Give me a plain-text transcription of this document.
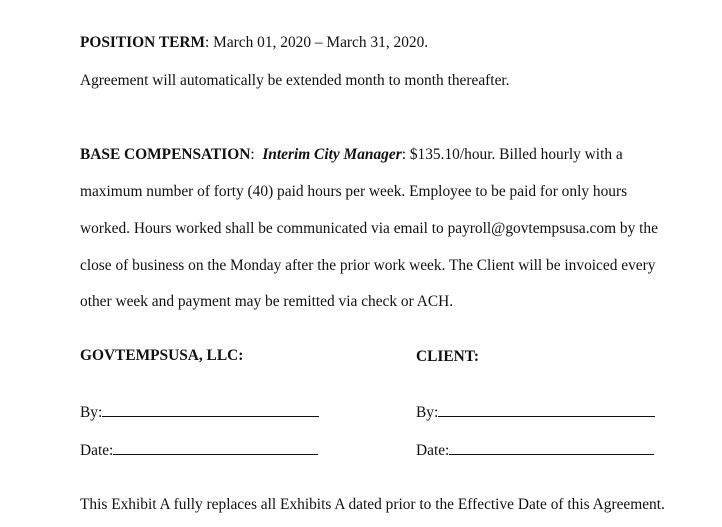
POSITION TERM: March 01, 2020 – March 31, 2020.
Agreement will automatically be extended month to month thereafter.
BASE COMPENSATION:  Interim City Manager: $135.10/hour. Billed hourly with a
maximum number of forty (40) paid hours per week. Employee to be paid for only hours
worked. Hours worked shall be communicated via email to payroll@govtempsusa.com by the
close of business on the Monday after the prior work week. The Client will be invoiced every
other week and payment may be remitted via check or ACH.
GOVTEMPSUSA, LLC:	CLIENT:
By:	By:
Date:	Date:
This Exhibit A fully replaces all Exhibits A dated prior to the Effective Date of this Agreement.
